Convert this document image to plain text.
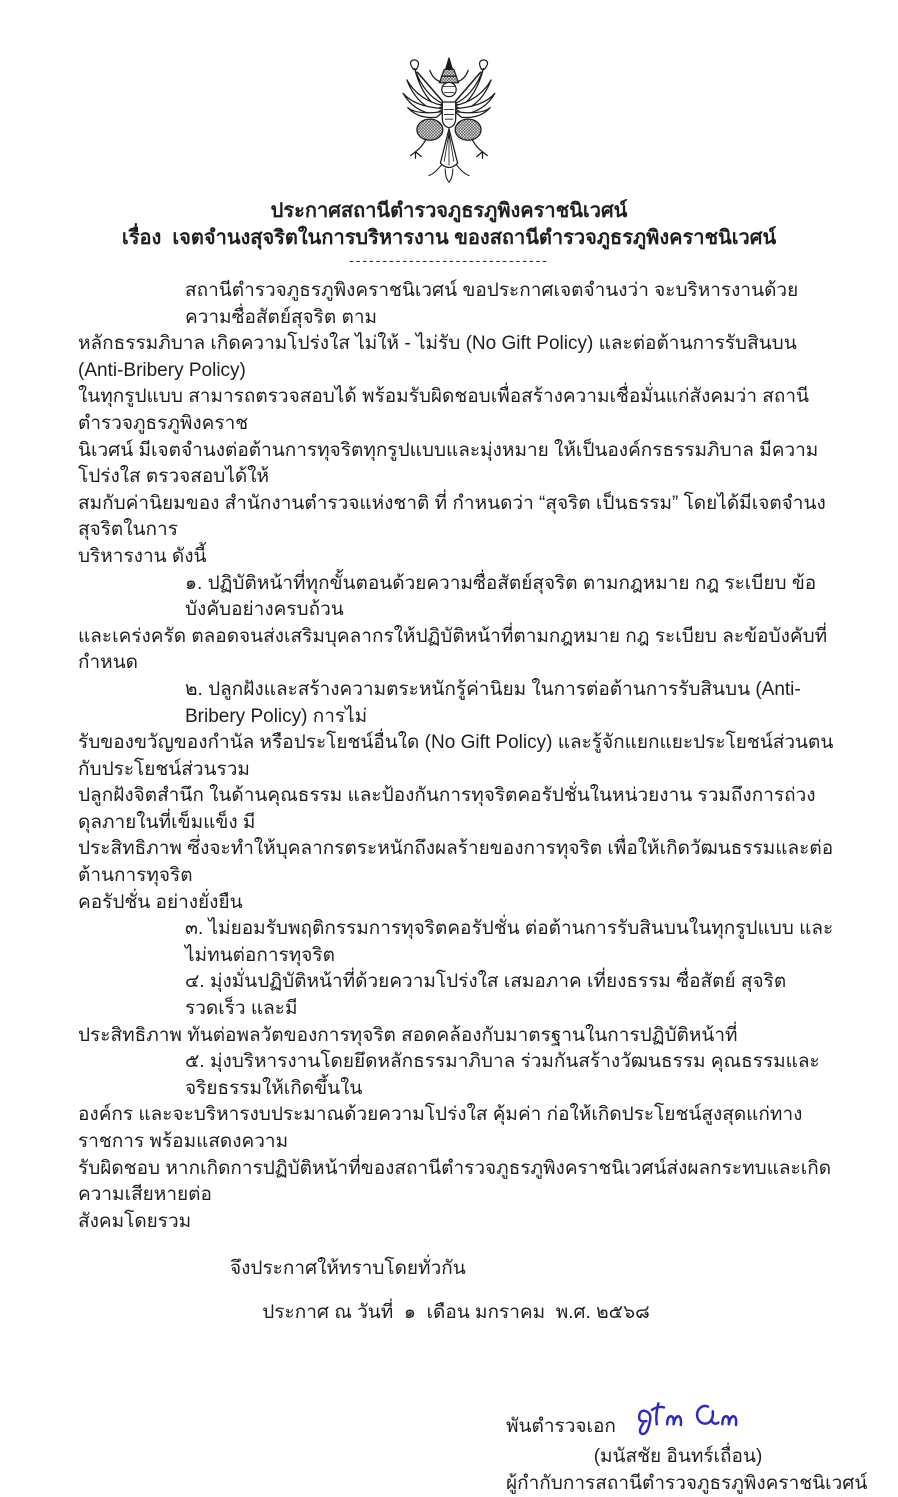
ประกาศสถานีตำรวจภูธรภูพิงคราชนิเวศน์
เรื่อง  เจตจำนงสุจริตในการบริหารงาน ของสถานีตำรวจภูธรภูพิงคราชนิเวศน์
------------------------------
สถานีตำรวจภูธรภูพิงคราชนิเวศน์ ขอประกาศเจตจำนงว่า จะบริหารงานด้วยความซื่อสัตย์สุจริต ตาม
หลักธรรมภิบาล เกิดความโปร่งใส ไม่ให้ - ไม่รับ (No Gift Policy) และต่อต้านการรับสินบน (Anti-Bribery Policy)
ในทุกรูปแบบ สามารถตรวจสอบได้ พร้อมรับผิดชอบเพื่อสร้างความเชื่อมั่นแก่สังคมว่า สถานีตำรวจภูธรภูพิงคราช
นิเวศน์ มีเจตจำนงต่อต้านการทุจริตทุกรูปแบบและมุ่งหมาย ให้เป็นองค์กรธรรมภิบาล มีความโปร่งใส ตรวจสอบได้ให้
สมกับค่านิยมของ สำนักงานตำรวจแห่งชาติ ที่ กำหนดว่า “สุจริต เป็นธรรม” โดยได้มีเจตจำนงสุจริตในการ
บริหารงาน ดังนี้
๑. ปฏิบัติหน้าที่ทุกขั้นตอนด้วยความซื่อสัตย์สุจริต ตามกฎหมาย กฎ ระเบียบ ข้อบังคับอย่างครบถ้วน
และเคร่งครัด ตลอดจนส่งเสริมบุคลากรให้ปฏิบัติหน้าที่ตามกฎหมาย กฎ ระเบียบ ละข้อบังคับที่กำหนด
๒. ปลูกฝังและสร้างความตระหนักรู้ค่านิยม ในการต่อต้านการรับสินบน (Anti-Bribery Policy) การไม่
รับของขวัญของกำนัล หรือประโยชน์อื่นใด (No Gift Policy) และรู้จักแยกแยะประโยชน์ส่วนตนกับประโยชน์ส่วนรวม
ปลูกฝังจิตสำนึก ในด้านคุณธรรม และป้องกันการทุจริตคอรัปชั่นในหน่วยงาน รวมถึงการถ่วงดุลภายในที่เข็มแข็ง มี
ประสิทธิภาพ ซึ่งจะทำให้บุคลากรตระหนักถึงผลร้ายของการทุจริต เพื่อให้เกิดวัฒนธรรมและต่อต้านการทุจริต
คอรัปชั่น อย่างยั่งยืน
๓. ไม่ยอมรับพฤติกรรมการทุจริตคอรัปชั่น ต่อต้านการรับสินบนในทุกรูปแบบ และไม่ทนต่อการทุจริต
๔. มุ่งมั่นปฏิบัติหน้าที่ด้วยความโปร่งใส เสมอภาค เที่ยงธรรม ซื่อสัตย์ สุจริต รวดเร็ว และมี
ประสิทธิภาพ ทันต่อพลวัตของการทุจริต สอดคล้องกับมาตรฐานในการปฏิบัติหน้าที่
๕. มุ่งบริหารงานโดยยึดหลักธรรมาภิบาล ร่วมกันสร้างวัฒนธรรม คุณธรรมและจริยธรรมให้เกิดขึ้นใน
องค์กร และจะบริหารงบประมาณด้วยความโปร่งใส คุ้มค่า ก่อให้เกิดประโยชน์สูงสุดแก่ทางราชการ พร้อมแสดงความ
รับผิดชอบ หากเกิดการปฏิบัติหน้าที่ของสถานีตำรวจภูธรภูพิงคราชนิเวศน์ส่งผลกระทบและเกิดความเสียหายต่อ
สังคมโดยรวม
จึงประกาศให้ทราบโดยทั่วกัน
ประกาศ ณ วันที่  ๑  เดือน มกราคม  พ.ศ. ๒๕๖๘
พันตำรวจเอก
(มนัสชัย อินทร์เถื่อน)
ผู้กำกับการสถานีตำรวจภูธรภูพิงคราชนิเวศน์
